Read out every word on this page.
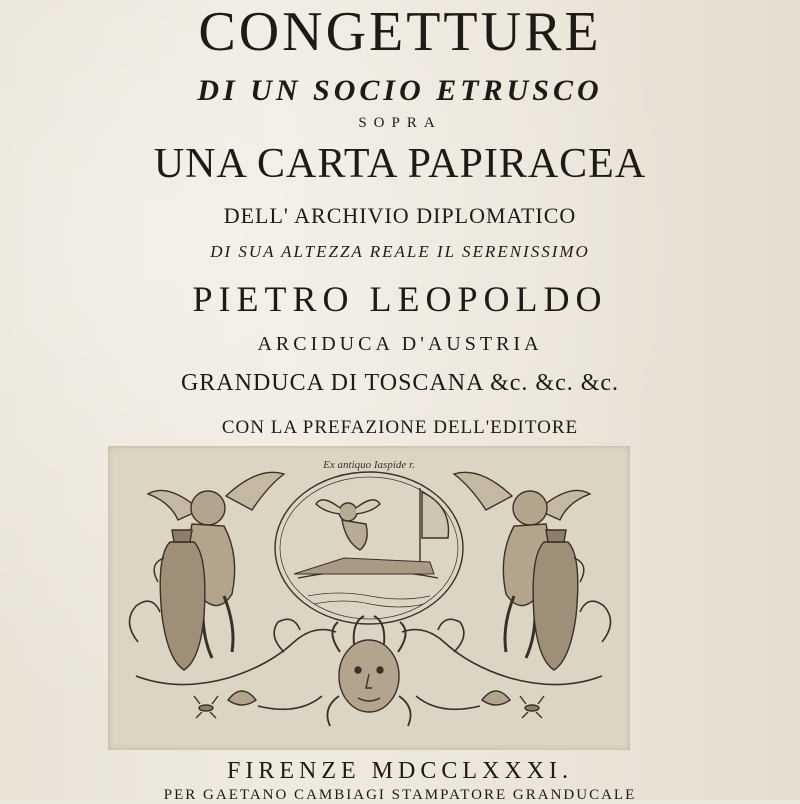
CONGETTURE
DI UN SOCIO ETRUSCO
SOPRA
UNA CARTA PAPIRACEA
DELL' ARCHIVIO DIPLOMATICO
DI SUA ALTEZZA REALE IL SERENISSIMO
PIETRO LEOPOLDO
ARCIDUCA D'AUSTRIA
GRANDUCA DI TOSCANA &c. &c. &c.
CON LA PREFAZIONE DELL'EDITORE
Ex antiquo Iaspide r.
FIRENZE MDCCLXXXI.
PER GAETANO CAMBIAGI STAMPATORE GRANDUCALE
